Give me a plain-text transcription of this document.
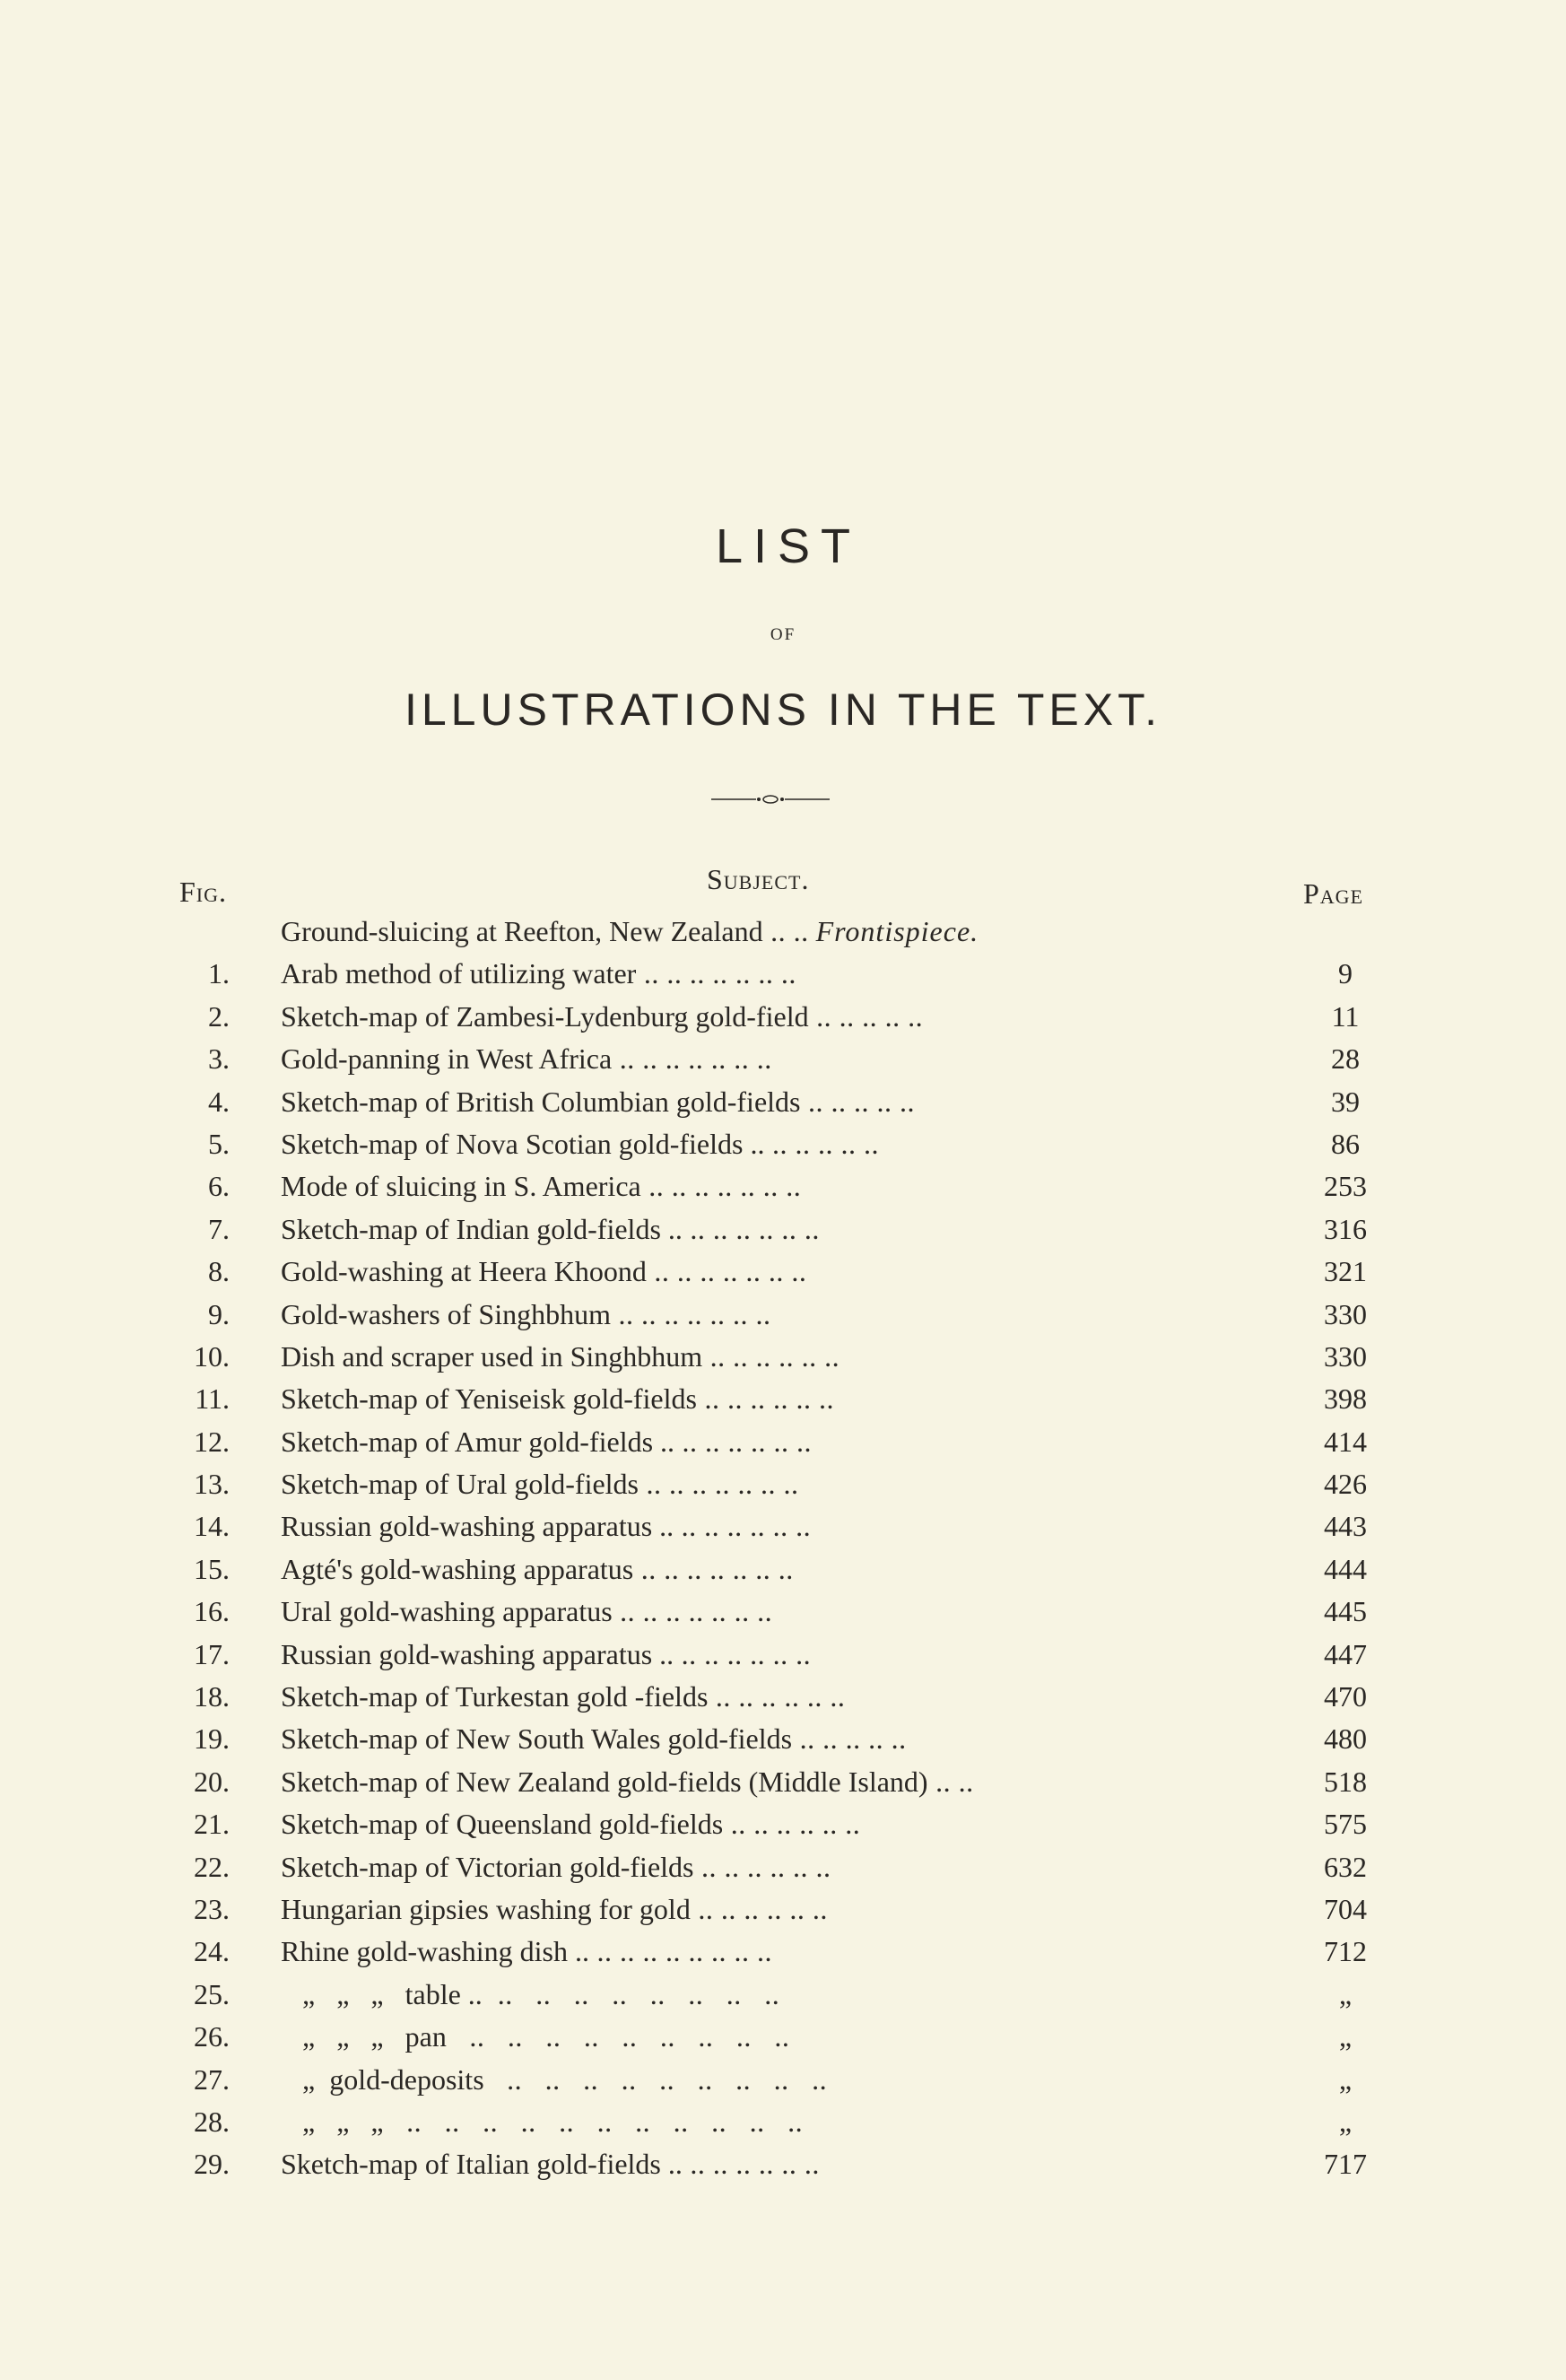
LIST
OF
ILLUSTRATIONS IN THE TEXT.
Fig.	Subject.	Page
Ground-sluicing at Reefton, New Zealand .. .. Frontispiece.
1. Arab method of utilizing water .. .. .. .. .. .. ..	9
2. Sketch-map of Zambesi-Lydenburg gold-field .. .. .. .. ..	11
3. Gold-panning in West Africa .. .. .. .. .. .. ..	28
4. Sketch-map of British Columbian gold-fields .. .. .. .. ..	39
5. Sketch-map of Nova Scotian gold-fields .. .. .. .. .. ..	86
6. Mode of sluicing in S. America .. .. .. .. .. .. ..	253
7. Sketch-map of Indian gold-fields .. .. .. .. .. .. ..	316
8. Gold-washing at Heera Khoond .. .. .. .. .. .. ..	321
9. Gold-washers of Singhbhum .. .. .. .. .. .. ..	330
10. Dish and scraper used in Singhbhum .. .. .. .. .. ..	330
11. Sketch-map of Yeniseisk gold-fields .. .. .. .. .. ..	398
12. Sketch-map of Amur gold-fields .. .. .. .. .. .. ..	414
13. Sketch-map of Ural gold-fields .. .. .. .. .. .. ..	426
14. Russian gold-washing apparatus .. .. .. .. .. .. ..	443
15. Agté's gold-washing apparatus .. .. .. .. .. .. ..	444
16. Ural gold-washing apparatus .. .. .. .. .. .. ..	445
17. Russian gold-washing apparatus .. .. .. .. .. .. ..	447
18. Sketch-map of Turkestan gold -fields .. .. .. .. .. ..	470
19. Sketch-map of New South Wales gold-fields .. .. .. .. ..	480
20. Sketch-map of New Zealand gold-fields (Middle Island) .. ..	518
21. Sketch-map of Queensland gold-fields .. .. .. .. .. ..	575
22. Sketch-map of Victorian gold-fields .. .. .. .. .. ..	632
23. Hungarian gipsies washing for gold .. .. .. .. .. ..	704
24. Rhine gold-washing dish .. .. .. .. .. .. .. .. ..	712
25. „   „   „   table ..  ..   ..   ..   ..   ..   ..   ..   ..	„
26. „   „   „   pan   ..   ..   ..   ..   ..   ..   ..   ..   ..	„
27. „  gold-deposits   ..   ..   ..   ..   ..   ..   ..   ..   ..	„
28. „   „   „   ..   ..   ..   ..   ..   ..   ..   ..   ..   ..   ..	„
29. Sketch-map of Italian gold-fields .. .. .. .. .. .. ..	717
